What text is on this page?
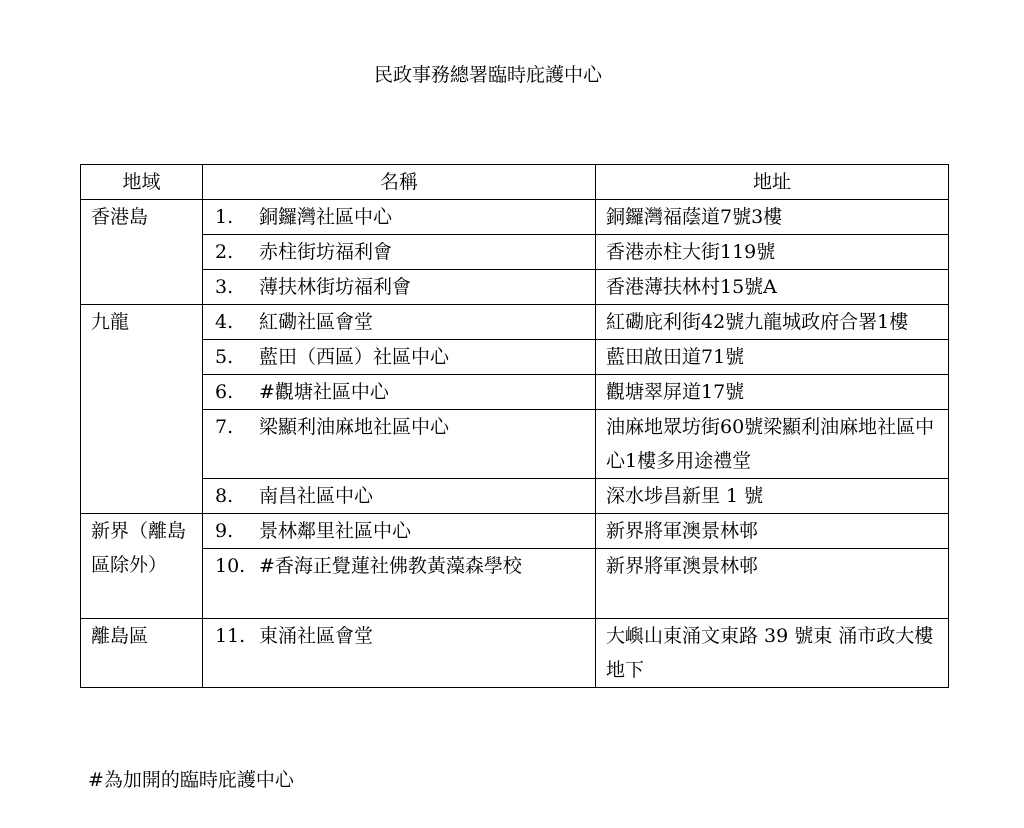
民政事務總署臨時庇護中心
地域	名稱	地址
香港島	1. 銅鑼灣社區中心	銅鑼灣福蔭道7號3樓
	2. 赤柱街坊福利會	香港赤柱大街119號
	3. 薄扶林街坊福利會	香港薄扶林村15號A
九龍	4. 紅磡社區會堂	紅磡庇利街42號九龍城政府合署1樓
	5. 藍田（西區）社區中心	藍田啟田道71號
	6. #觀塘社區中心	觀塘翠屏道17號
	7. 梁顯利油麻地社區中心	油麻地眾坊街60號梁顯利油麻地社區中心1樓多用途禮堂
	8. 南昌社區中心	深水埗昌新里 1 號
新界（離島區除外）	9. 景林鄰里社區中心	新界將軍澳景林邨
	10. #香海正覺蓮社佛教黃藻森學校	新界將軍澳景林邨
離島區	11. 東涌社區會堂	大嶼山東涌文東路 39 號東 涌市政大樓地下
#為加開的臨時庇護中心
